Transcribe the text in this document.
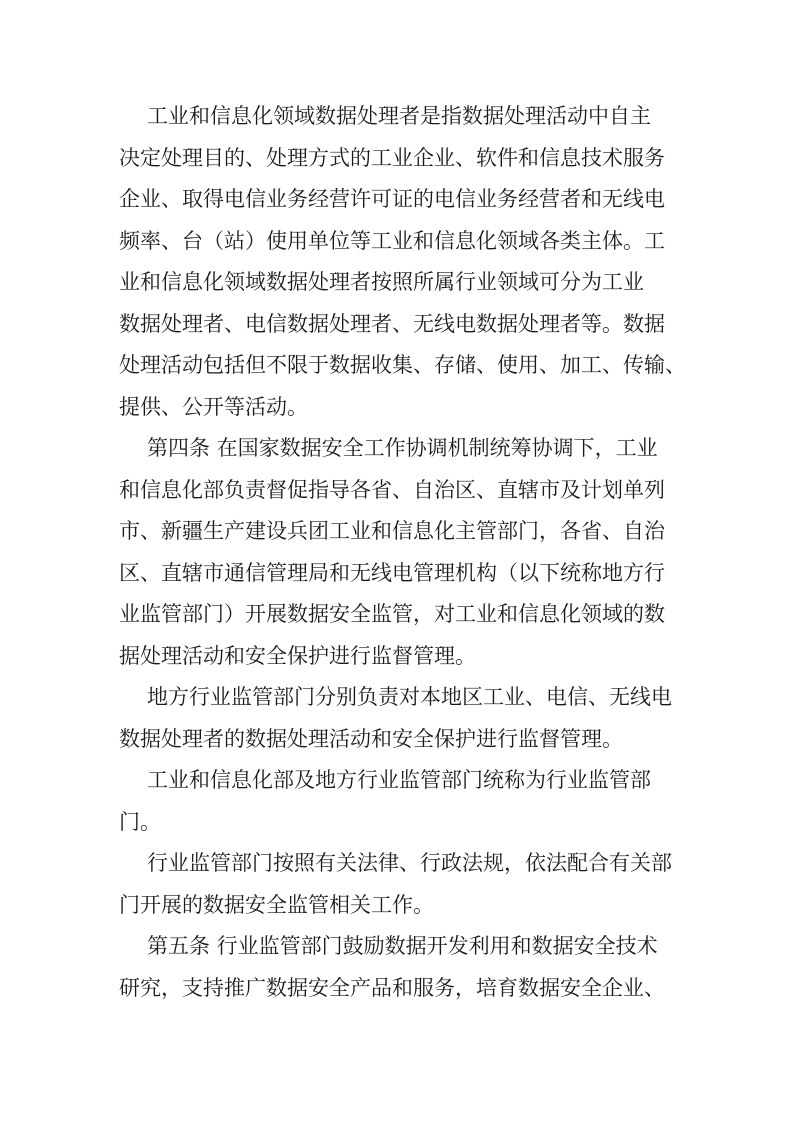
工业和信息化领域数据处理者是指数据处理活动中自主
决定处理目的、处理方式的工业企业、软件和信息技术服务
企业、取得电信业务经营许可证的电信业务经营者和无线电
频率、台（站）使用单位等工业和信息化领域各类主体。工
业和信息化领域数据处理者按照所属行业领域可分为工业
数据处理者、电信数据处理者、无线电数据处理者等。数据
处理活动包括但不限于数据收集、存储、使用、加工、传输、
提供、公开等活动。
第四条 在国家数据安全工作协调机制统筹协调下，工业
和信息化部负责督促指导各省、自治区、直辖市及计划单列
市、新疆生产建设兵团工业和信息化主管部门，各省、自治
区、直辖市通信管理局和无线电管理机构（以下统称地方行
业监管部门）开展数据安全监管，对工业和信息化领域的数
据处理活动和安全保护进行监督管理。
地方行业监管部门分别负责对本地区工业、电信、无线电
数据处理者的数据处理活动和安全保护进行监督管理。
工业和信息化部及地方行业监管部门统称为行业监管部
门。
行业监管部门按照有关法律、行政法规，依法配合有关部
门开展的数据安全监管相关工作。
第五条 行业监管部门鼓励数据开发利用和数据安全技术
研究，支持推广数据安全产品和服务，培育数据安全企业、
